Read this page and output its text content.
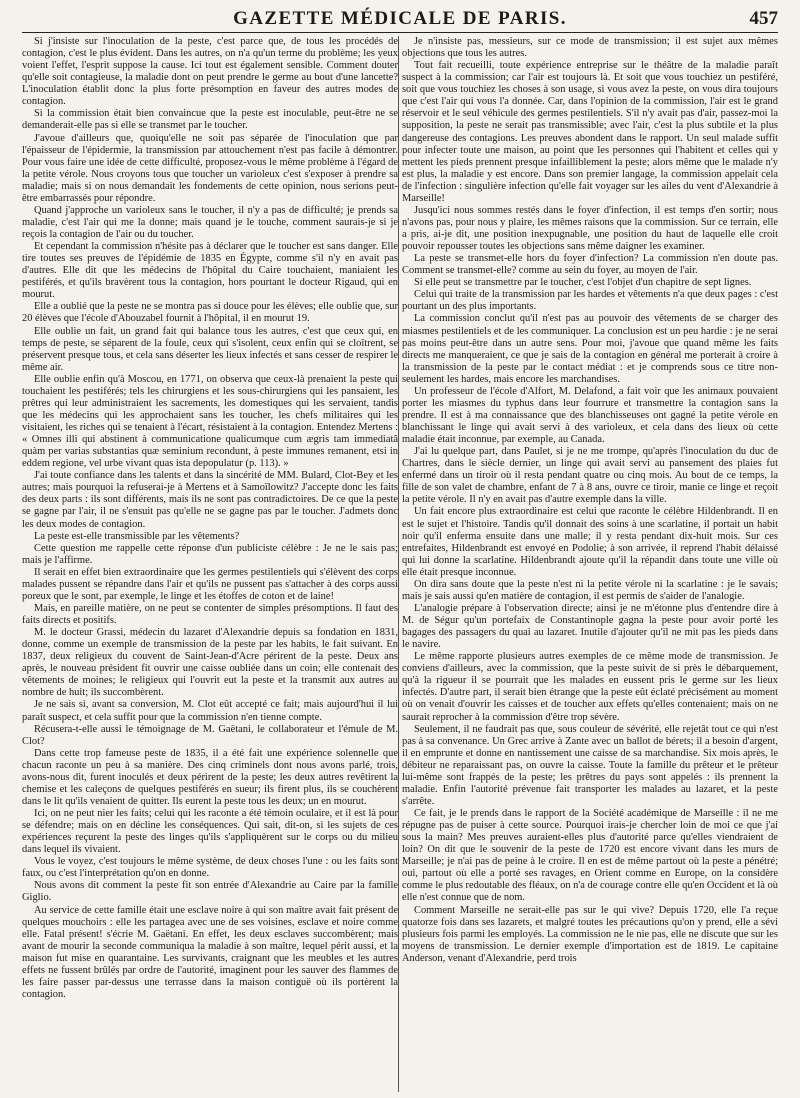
GAZETTE MÉDICALE DE PARIS.	457

Si j'insiste sur l'inoculation de la peste, c'est parce que, de tous les procédés de contagion, c'est le plus évident. Dans les autres, on n'a qu'un terme du problème; les yeux voient l'effet, l'esprit suppose la cause. Ici tout est également sensible. Comment douter qu'elle soit contagieuse, la maladie dont on peut prendre le germe au bout d'une lancette? L'inoculation établit donc la plus forte présomption en faveur des autres modes de contagion.

Si la commission était bien convaincue que la peste est inoculable, peut-être ne se demanderait-elle pas si elle se transmet par le toucher.

J'avoue d'ailleurs que, quoiqu'elle ne soit pas séparée de l'inoculation que par l'épaisseur de l'épidermie, la transmission par attouchement n'est pas facile à démontrer. Pour vous faire une idée de cette difficulté, proposez-vous le même problème à l'égard de la petite vérole. Nous croyons tous que toucher un varioleux c'est s'exposer à prendre sa maladie; mais si on nous demandait les fondements de cette opinion, nous serions peut-être embarrassés pour répondre.

Quand j'approche un varioleux sans le toucher, il n'y a pas de difficulté; je prends sa maladie, c'est l'air qui me la donne; mais quand je le touche, comment saurais-je si je reçois la contagion de l'air ou du toucher.

Et cependant la commission n'hésite pas à déclarer que le toucher est sans danger. Elle tire toutes ses preuves de l'épidémie de 1835 en Égypte, comme s'il n'y en avait pas d'autres. Elle dit que les médecins de l'hôpital du Caire touchaient, maniaient les pestiférés, et qu'ils bravèrent tous la contagion, hors pourtant le docteur Rigaud, qui en mourut.

Elle a oublié que la peste ne se montra pas si douce pour les élèves; elle oublie que, sur 20 élèves que l'école d'Abouzabel fournit à l'hôpital, il en mourut 19.

Elle oublie un fait, un grand fait qui balance tous les autres, c'est que ceux qui, en temps de peste, se séparent de la foule, ceux qui s'isolent, ceux enfin qui se cloîtrent, se préservent presque tous, et cela sans déserter les lieux infectés et sans cesser de respirer le même air.

Elle oublie enfin qu'à Moscou, en 1771, on observa que ceux-là prenaient la peste qui touchaient les pestiférés; tels les chirurgiens et les sous-chirurgiens qui les pansaient, les prêtres qui leur administraient les sacrements, les domestiques qui les servaient, tandis que les médecins qui les approchaient sans les toucher, les chefs militaires qui les visitaient, les riches qui se tenaient à l'écart, résistaient à la contagion. Entendez Mertens : « Omnes illi qui abstinent à communicatione qualicumque cum ægris tam immediatâ quàm per varias substantias quæ seminium recondunt, à peste immunes remanent, etsi in eddem regione, vel urbe vivant quas ista depopulatur (p. 113). »

J'ai toute confiance dans les talents et dans la sincérité de MM. Bulard, Clot-Bey et les autres; mais pourquoi la refuserai-je à Mertens et à Samoïlowitz? J'accepte donc les faits des deux parts : ils sont différents, mais ils ne sont pas contradictoires. De ce que la peste se gagne par l'air, il ne s'ensuit pas qu'elle ne se gagne pas par le toucher. J'admets donc les deux modes de contagion.

La peste est-elle transmissible par les vêtements?

Cette question me rappelle cette réponse d'un publiciste célèbre : Je ne le sais pas; mais je l'affirme.

Il serait en effet bien extraordinaire que les germes pestilentiels qui s'élèvent des corps malades pussent se répandre dans l'air et qu'ils ne pussent pas s'attacher à des corps aussi poreux que le sont, par exemple, le linge et les étoffes de coton et de laine!

Mais, en pareille matière, on ne peut se contenter de simples présomptions. Il faut des faits directs et positifs.

M. le docteur Grassi, médecin du lazaret d'Alexandrie depuis sa fondation en 1831, donne, comme un exemple de transmission de la peste par les habits, le fait suivant. En 1837, deux religieux du couvent de Saint-Jean-d'Acre périrent de la peste. Deux ans après, le nouveau président fit ouvrir une caisse oubliée dans un coin; elle contenait des vêtements de moines; le religieux qui l'ouvrit eut la peste et la transmit aux autres au nombre de huit; ils succombèrent.

Je ne sais si, avant sa conversion, M. Clot eût accepté ce fait; mais aujourd'hui il lui paraît suspect, et cela suffit pour que la commission n'en tienne compte.

Récusera-t-elle aussi le témoignage de M. Gaëtani, le collaborateur et l'émule de M. Clot?

Dans cette trop fameuse peste de 1835, il a été fait une expérience solennelle que chacun raconte un peu à sa manière. Des cinq criminels dont nous avons parlé, trois, avons-nous dit, furent inoculés et deux périrent de la peste; les deux autres revêtirent la chemise et les caleçons de quelques pestiférés en sueur; ils firent plus, ils se couchèrent dans le lit qu'ils venaient de quitter. Ils eurent la peste tous les deux; un en mourut.

Ici, on ne peut nier les faits; celui qui les raconte a été témoin oculaire, et il est là pour se défendre; mais on en décline les conséquences. Qui sait, dit-on, si les sujets de ces expériences reçurent la peste des linges qu'ils s'appliquèrent sur le corps ou du milieu dans lequel ils vivaient.

Vous le voyez, c'est toujours le même système, de deux choses l'une : ou les faits sont faux, ou c'est l'interprétation qu'on en donne.

Nous avons dit comment la peste fit son entrée d'Alexandrie au Caire par la famille Giglio.

Au service de cette famille était une esclave noire à qui son maître avait fait présent de quelques mouchoirs : elle les partagea avec une de ses voisines, esclave et noire comme elle. Fatal présent! s'écrie M. Gaëtani. En effet, les deux esclaves succombèrent; mais avant de mourir la seconde communiqua la maladie à son maître, lequel périt aussi, et la maison fut mise en quarantaine. Les survivants, craignant que les meubles et les autres effets ne fussent brûlés par ordre de l'autorité, imaginent pour les sauver des flammes de les faire passer par-dessus une terrasse dans la maison contiguë où ils portèrent la contagion.

Je n'insiste pas, messieurs, sur ce mode de transmission; il est sujet aux mêmes objections que tous les autres.

Tout fait recueilli, toute expérience entreprise sur le théâtre de la maladie paraît suspect à la commission; car l'air est toujours là. Et soit que vous touchiez un pestiféré, soit que vous touchiez les choses à son usage, si vous avez la peste, on vous dira toujours que c'est l'air qui vous l'a donnée. Car, dans l'opinion de la commission, l'air est le grand réservoir et le seul véhicule des germes pestilentiels. S'il n'y avait pas d'air, passez-moi la supposition, la peste ne serait pas transmissible; avec l'air, c'est la plus subtile et la plus dangereuse des contagions. Les preuves abondent dans le rapport. Un seul malade suffit pour infecter toute une maison, au point que les personnes qui l'habitent et celles qui y mettent les pieds prennent presque infailliblement la peste; alors même que le malade n'y est plus, la maladie y est encore. Dans son premier langage, la commission appelait cela de l'infection : singulière infection qu'elle fait voyager sur les ailes du vent d'Alexandrie à Marseille!

Jusqu'ici nous sommes restés dans le foyer d'infection, il est temps d'en sortir; nous n'avons pas, pour nous y plaire, les mêmes raisons que la commission. Sur ce terrain, elle a pris, ai-je dit, une position inexpugnable, une position du haut de laquelle elle croit pouvoir repousser toutes les objections sans même daigner les examiner.

La peste se transmet-elle hors du foyer d'infection? La commission n'en doute pas. Comment se transmet-elle? comme au sein du foyer, au moyen de l'air.

Si elle peut se transmettre par le toucher, c'est l'objet d'un chapitre de sept lignes.

Celui qui traite de la transmission par les hardes et vêtements n'a que deux pages : c'est pourtant un des plus importants.

La commission conclut qu'il n'est pas au pouvoir des vêtements de se charger des miasmes pestilentiels et de les communiquer. La conclusion est un peu hardie : je ne serai pas moins peut-être dans un autre sens. Pour moi, j'avoue que quand même les faits directs me manqueraient, ce que je sais de la contagion en général me porterait à croire à la transmission de la peste par le contact médiat : et je comprends sous ce titre non-seulement les hardes, mais encore les marchandises.

Un professeur de l'école d'Alfort, M. Delafond, a fait voir que les animaux pouvaient porter les miasmes du typhus dans leur fourrure et transmettre la contagion sans la prendre. Il est à ma connaissance que des blanchisseuses ont gagné la petite vérole en blanchissant le linge qui avait servi à des varioleux, et cela dans des lieux où cette maladie était inconnue, par exemple, au Canada.

J'ai lu quelque part, dans Paulet, si je ne me trompe, qu'après l'inoculation du duc de Chartres, dans le siècle dernier, un linge qui avait servi au pansement des plaies fut enfermé dans un tiroir où il resta pendant quatre ou cinq mois. Au bout de ce temps, la fille de son valet de chambre, enfant de 7 à 8 ans, ouvre ce tiroir, manie ce linge et reçoit la petite vérole. Il n'y en avait pas d'autre exemple dans la ville.

Un fait encore plus extraordinaire est celui que raconte le célèbre Hildenbrandt. Il en est le sujet et l'histoire. Tandis qu'il donnait des soins à une scarlatine, il portait un habit noir qu'il enferma ensuite dans une malle; il y resta pendant dix-huit mois. Sur ces entrefaites, Hildenbrandt est envoyé en Podolie; à son arrivée, il reprend l'habit délaissé qui lui donne la scarlatine. Hildenbrandt ajoute qu'il la répandit dans toute une ville où elle était presque inconnue.

On dira sans doute que la peste n'est ni la petite vérole ni la scarlatine : je le savais; mais je sais aussi qu'en matière de contagion, il est permis de s'aider de l'analogie.

L'analogie prépare à l'observation directe; ainsi je ne m'étonne plus d'entendre dire à M. de Ségur qu'un portefaix de Constantinople gagna la peste pour avoir porté les bagages des passagers du quai au lazaret. Inutile d'ajouter qu'il ne mit pas les pieds dans le navire.

Le même rapporte plusieurs autres exemples de ce même mode de transmission. Je conviens d'ailleurs, avec la commission, que la peste suivit de si près le débarquement, qu'à la rigueur il se pourrait que les malades en eussent pris le germe sur les lieux infectés. D'autre part, il serait bien étrange que la peste eût éclaté précisément au moment où on venait d'ouvrir les caisses et de toucher aux effets qu'elles contenaient; mais on ne saurait reprocher à la commission d'être trop sévère.

Seulement, il ne faudrait pas que, sous couleur de sévérité, elle rejetât tout ce qui n'est pas à sa convenance. Un Grec arrive à Zante avec un ballot de bérets; il a besoin d'argent, il en emprunte et donne en nantissement une caisse de sa marchandise. Six mois après, le débiteur ne reparaissant pas, on ouvre la caisse. Toute la famille du prêteur et le prêteur lui-même sont frappés de la peste; les prêtres du pays sont appelés : ils prennent la maladie. Enfin l'autorité prévenue fait transporter les malades au lazaret, et la peste s'arrête.

Ce fait, je le prends dans le rapport de la Société académique de Marseille : il ne me répugne pas de puiser à cette source. Pourquoi irais-je chercher loin de moi ce que j'ai sous la main? Mes preuves auraient-elles plus d'autorité parce qu'elles viendraient de loin? On dit que le souvenir de la peste de 1720 est encore vivant dans les murs de Marseille; je n'ai pas de peine à le croire. Il en est de même partout où la peste a pénétré; oui, partout où elle a porté ses ravages, en Orient comme en Europe, on la considère comme le plus redoutable des fléaux, on n'a de courage contre elle qu'en Occident et là où elle n'est connue que de nom.

Comment Marseille ne serait-elle pas sur le qui vive? Depuis 1720, elle l'a reçue quatorze fois dans ses lazarets, et malgré toutes les précautions qu'on y prend, elle a sévi plusieurs fois parmi les employés. La commission ne le nie pas, elle ne discute que sur les moyens de transmission. Le dernier exemple d'importation est de 1819. Le capitaine Anderson, venant d'Alexandrie, perd trois
